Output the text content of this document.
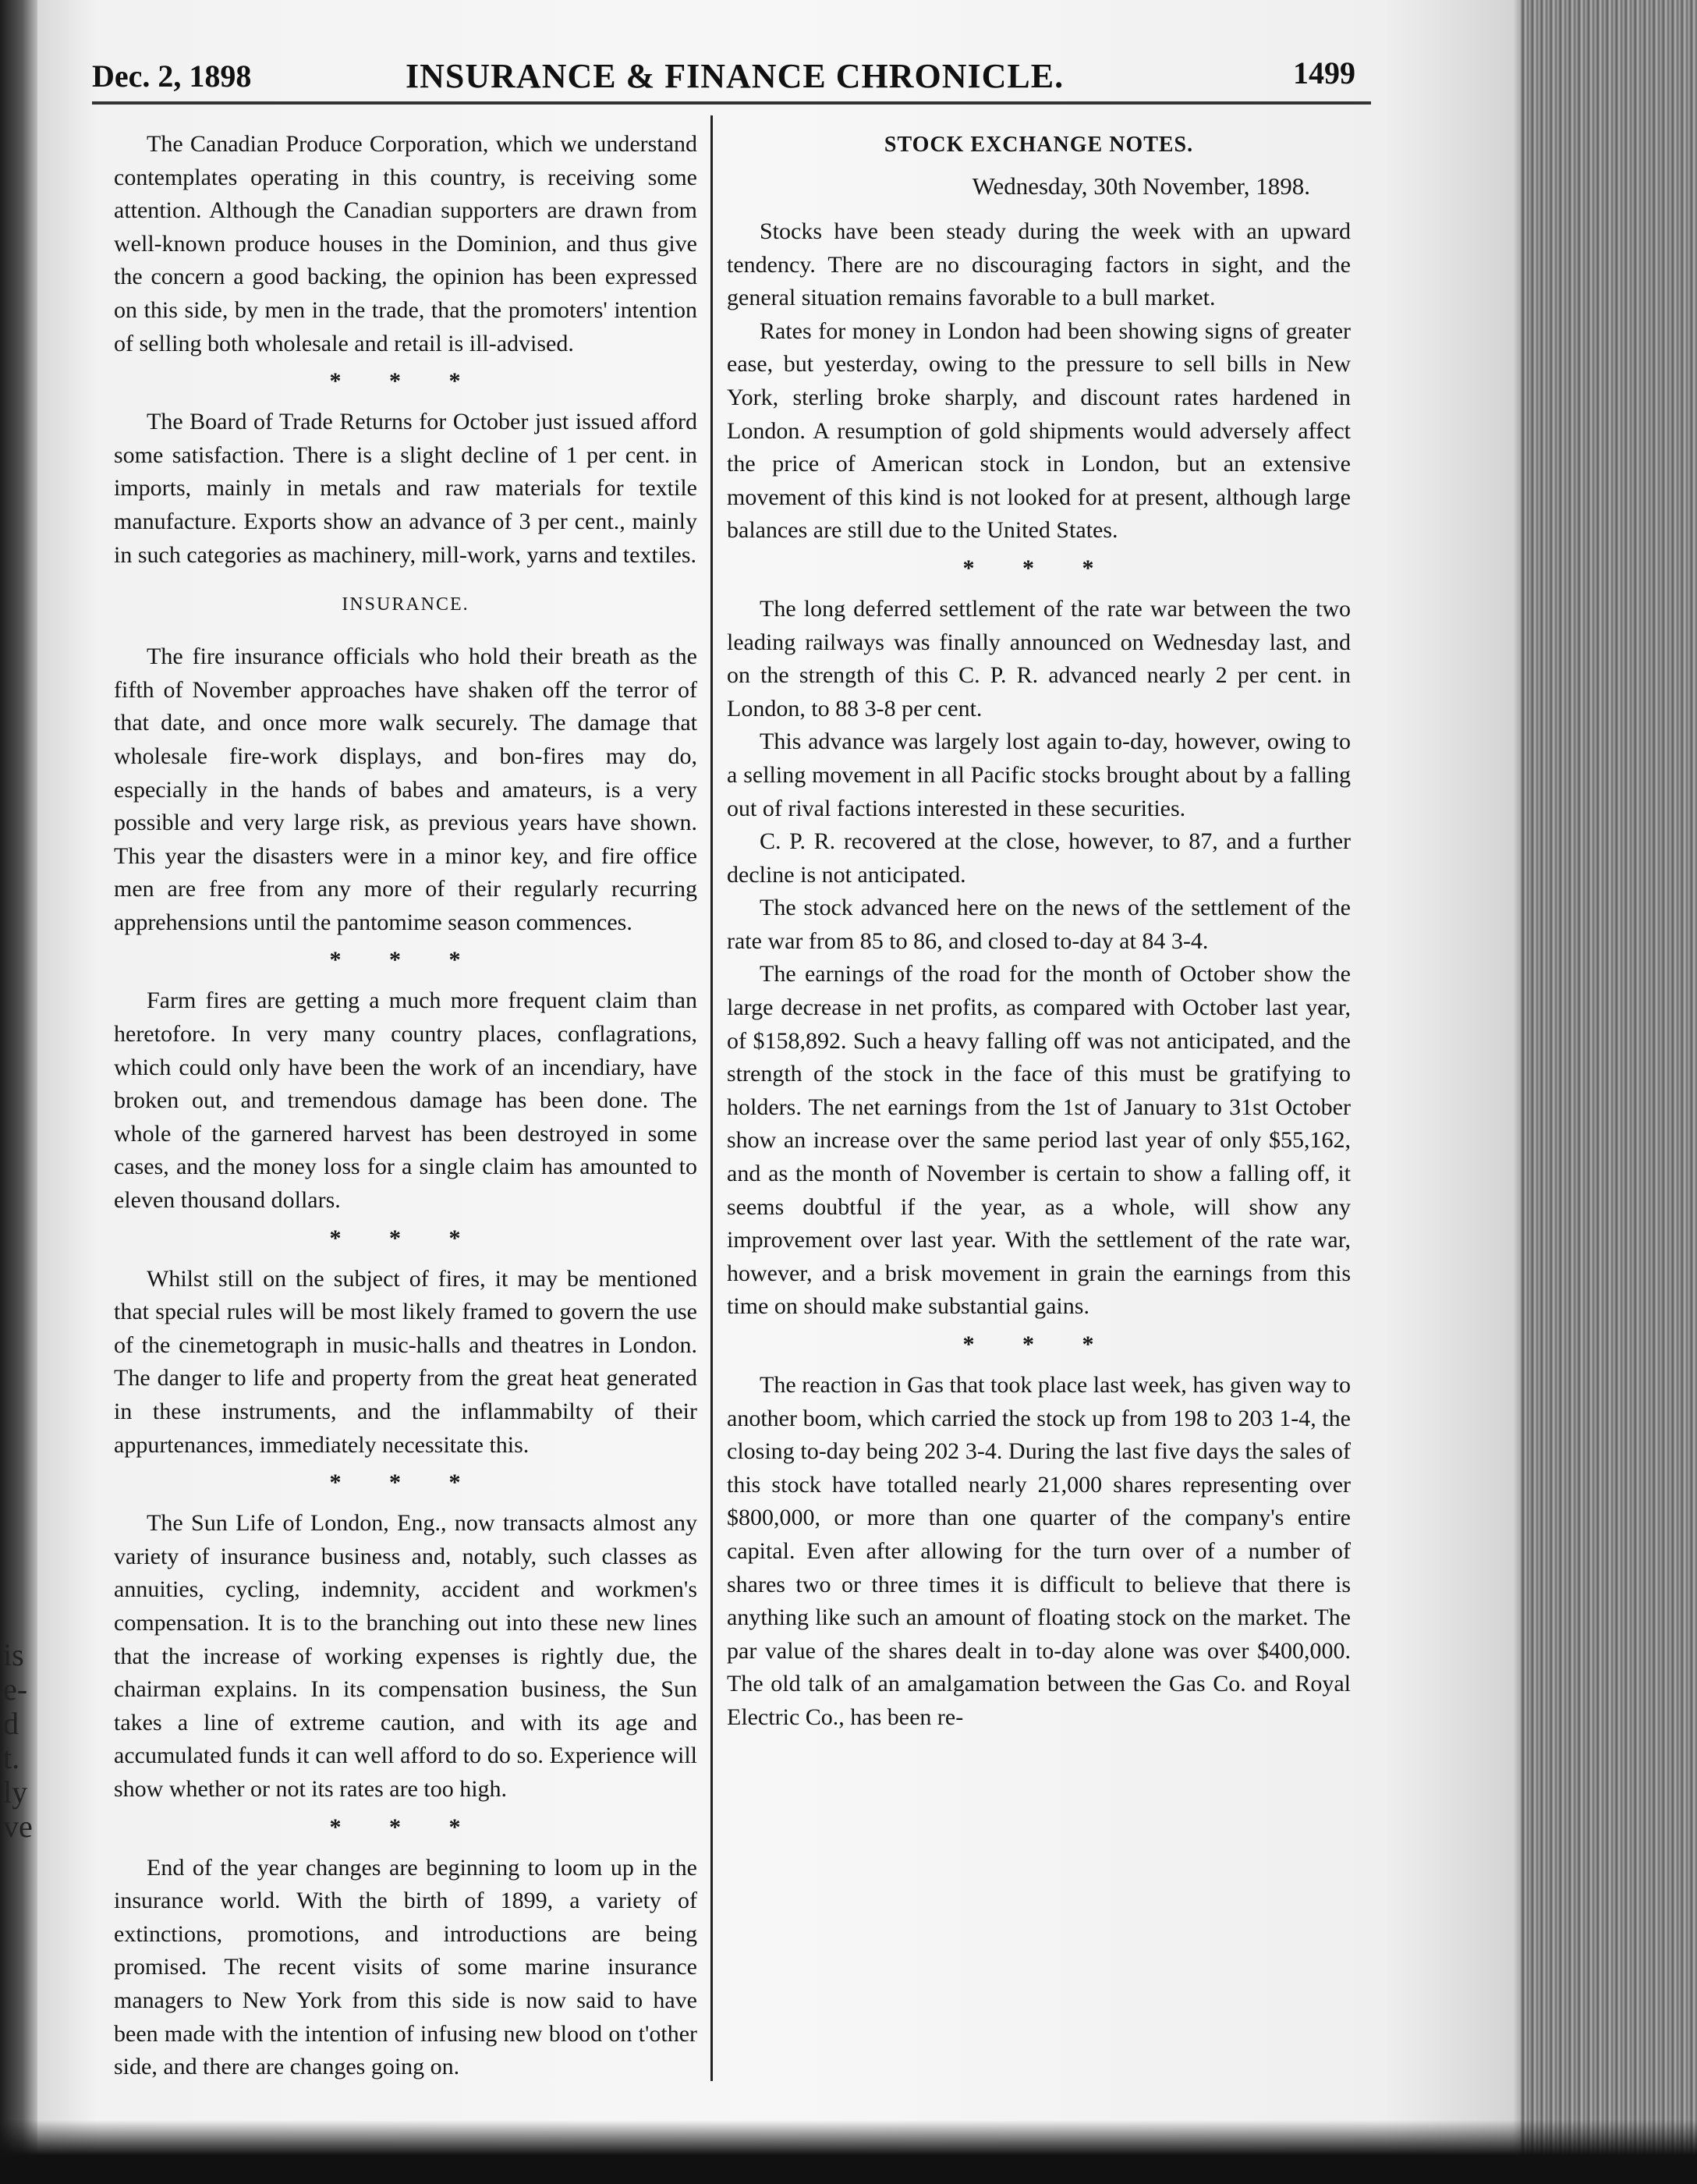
is
e-
d
t.
ly
ve
Dec. 2, 1898	INSURANCE & FINANCE CHRONICLE.	1499

The Canadian Produce Corporation, which we understand contemplates operating in this country, is receiving some attention. Although the Canadian supporters are drawn from well-known produce houses in the Dominion, and thus give the concern a good backing, the opinion has been expressed on this side, by men in the trade, that the promoters' intention of selling both wholesale and retail is ill-advised.

* * *

The Board of Trade Returns for October just issued afford some satisfaction. There is a slight decline of 1 per cent. in imports, mainly in metals and raw materials for textile manufacture. Exports show an advance of 3 per cent., mainly in such categories as machinery, mill-work, yarns and textiles.

INSURANCE.

The fire insurance officials who hold their breath as the fifth of November approaches have shaken off the terror of that date, and once more walk securely. The damage that wholesale fire-work displays, and bon-fires may do, especially in the hands of babes and amateurs, is a very possible and very large risk, as previous years have shown. This year the disasters were in a minor key, and fire office men are free from any more of their regularly recurring apprehensions until the pantomime season commences.

* * *

Farm fires are getting a much more frequent claim than heretofore. In very many country places, conflagrations, which could only have been the work of an incendiary, have broken out, and tremendous damage has been done. The whole of the garnered harvest has been destroyed in some cases, and the money loss for a single claim has amounted to eleven thousand dollars.

* * *

Whilst still on the subject of fires, it may be mentioned that special rules will be most likely framed to govern the use of the cinemetograph in music-halls and theatres in London. The danger to life and property from the great heat generated in these instruments, and the inflammabilty of their appurtenances, immediately necessitate this.

* * *

The Sun Life of London, Eng., now transacts almost any variety of insurance business and, notably, such classes as annuities, cycling, indemnity, accident and workmen's compensation. It is to the branching out into these new lines that the increase of working expenses is rightly due, the chairman explains. In its compensation business, the Sun takes a line of extreme caution, and with its age and accumulated funds it can well afford to do so. Experience will show whether or not its rates are too high.

* * *

End of the year changes are beginning to loom up in the insurance world. With the birth of 1899, a variety of extinctions, promotions, and introductions are being promised. The recent visits of some marine insurance managers to New York from this side is now said to have been made with the intention of infusing new blood on t'other side, and there are changes going on.

STOCK EXCHANGE NOTES.
Wednesday, 30th November, 1898.

Stocks have been steady during the week with an upward tendency. There are no discouraging factors in sight, and the general situation remains favorable to a bull market.

Rates for money in London had been showing signs of greater ease, but yesterday, owing to the pressure to sell bills in New York, sterling broke sharply, and discount rates hardened in London. A resumption of gold shipments would adversely affect the price of American stock in London, but an extensive movement of this kind is not looked for at present, although large balances are still due to the United States.

* * *

The long deferred settlement of the rate war between the two leading railways was finally announced on Wednesday last, and on the strength of this C. P. R. advanced nearly 2 per cent. in London, to 88 3-8 per cent.

This advance was largely lost again to-day, however, owing to a selling movement in all Pacific stocks brought about by a falling out of rival factions interested in these securities.

C. P. R. recovered at the close, however, to 87, and a further decline is not anticipated.

The stock advanced here on the news of the settlement of the rate war from 85 to 86, and closed to-day at 84 3-4.

The earnings of the road for the month of October show the large decrease in net profits, as compared with October last year, of $158,892. Such a heavy falling off was not anticipated, and the strength of the stock in the face of this must be gratifying to holders. The net earnings from the 1st of January to 31st October show an increase over the same period last year of only $55,162, and as the month of November is certain to show a falling off, it seems doubtful if the year, as a whole, will show any improvement over last year. With the settlement of the rate war, however, and a brisk movement in grain the earnings from this time on should make substantial gains.

* * *

The reaction in Gas that took place last week, has given way to another boom, which carried the stock up from 198 to 203 1-4, the closing to-day being 202 3-4. During the last five days the sales of this stock have totalled nearly 21,000 shares representing over $800,000, or more than one quarter of the company's entire capital. Even after allowing for the turn over of a number of shares two or three times it is difficult to believe that there is anything like such an amount of floating stock on the market. The par value of the shares dealt in to-day alone was over $400,000. The old talk of an amalgamation between the Gas Co. and Royal Electric Co., has been re-
